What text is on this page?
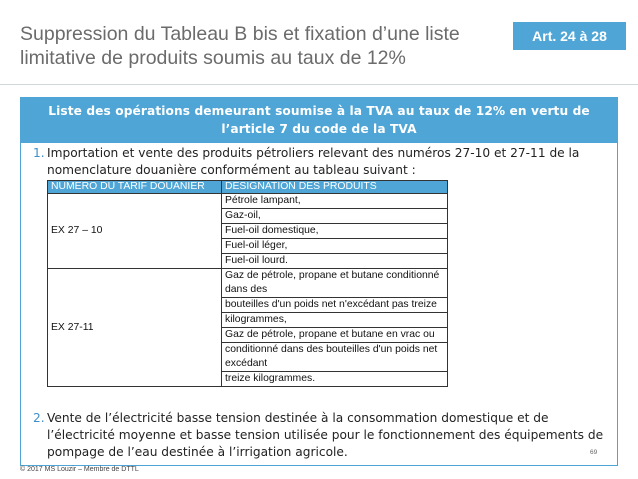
Suppression du Tableau B bis et fixation d’une liste limitative de produits soumis au taux de 12%
Art. 24 à 28
Liste des opérations demeurant soumise à la TVA au taux de 12% en vertu de
l’article 7 du code de la TVA
1. Importation et vente des produits pétroliers relevant des numéros 27-10 et 27-11 de la nomenclature douanière conformément au tableau suivant :
NUMERO DU TARIF DOUANIER	DESIGNATION DES PRODUITS
EX 27 – 10	Pétrole lampant,
	Gaz-oil,
	Fuel-oil domestique,
	Fuel-oil léger,
	Fuel-oil lourd.
EX 27-11	Gaz de pétrole, propane et butane conditionné dans des
	bouteilles d'un poids net n'excédant pas treize
	kilogrammes,
	Gaz de pétrole, propane et butane en vrac ou
	conditionné dans des bouteilles d'un poids net excédant
	treize kilogrammes.
2. Vente de l’électricité basse tension destinée à la consommation domestique et de l’électricité moyenne et basse tension utilisée pour le fonctionnement des équipements de pompage de l’eau destinée à l’irrigation agricole.	69
© 2017 MS Louzir – Membre de DTTL
